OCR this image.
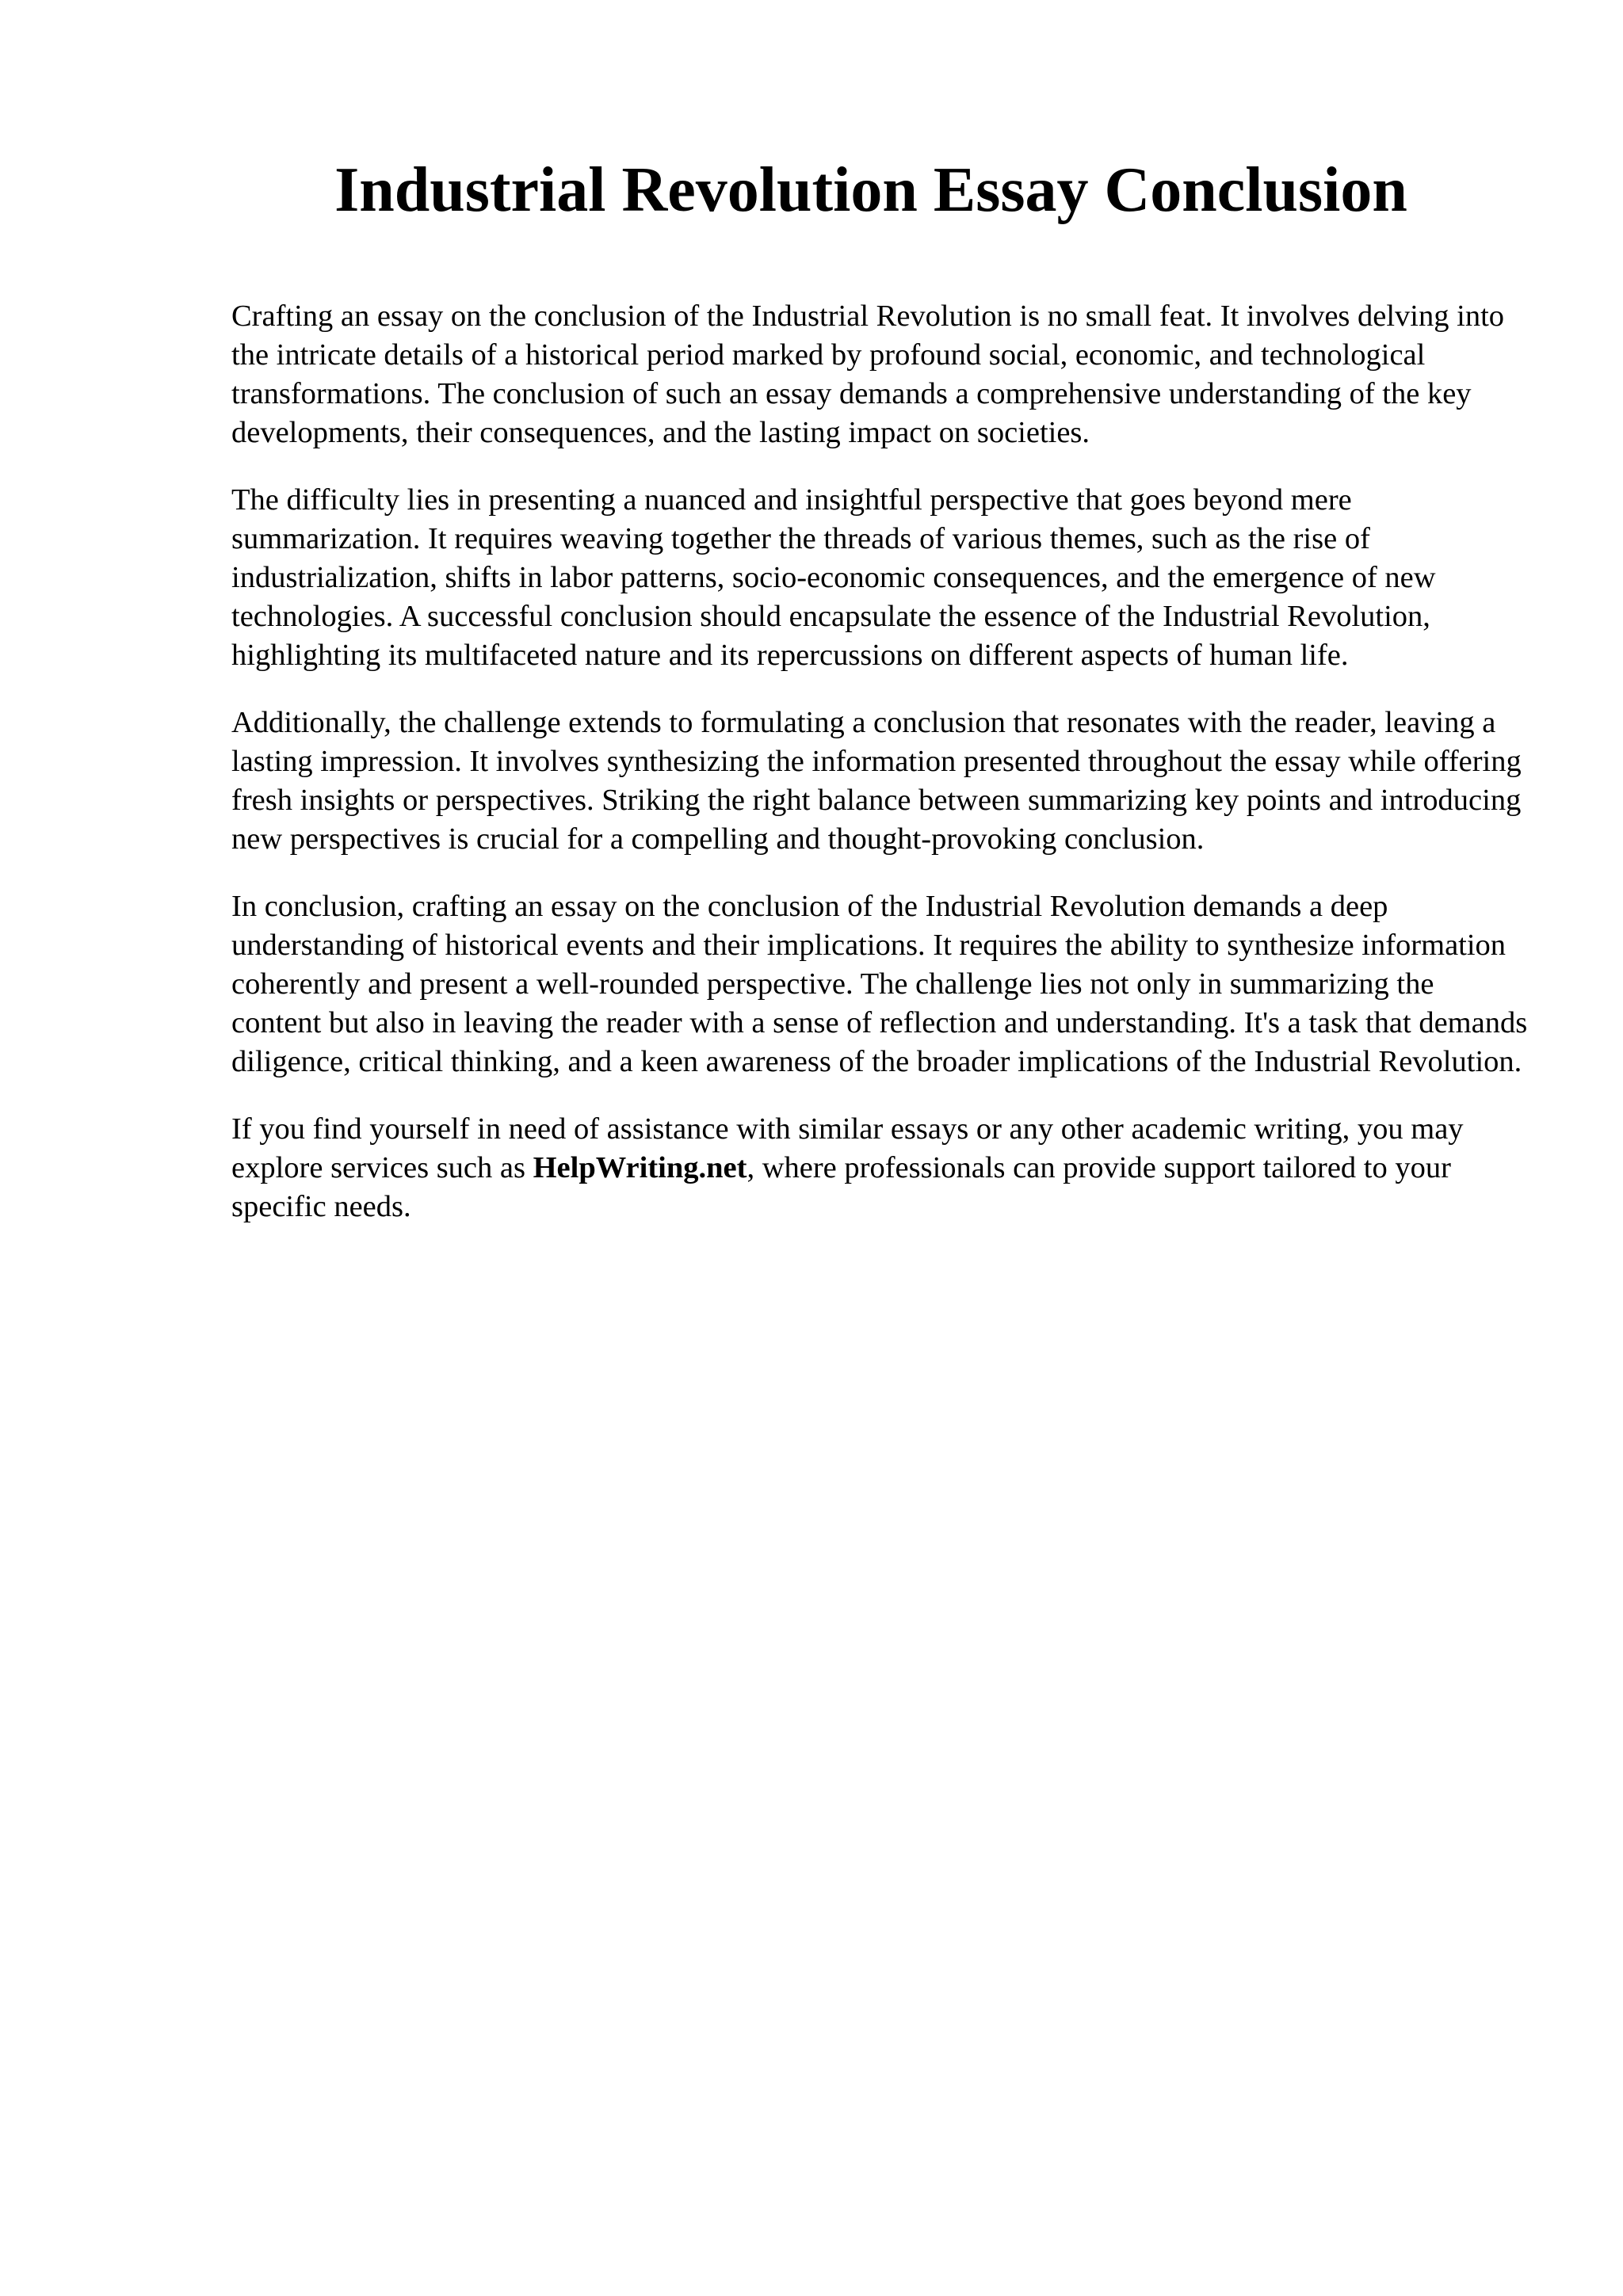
Industrial Revolution Essay Conclusion

Crafting an essay on the conclusion of the Industrial Revolution is no small feat. It involves delving into the intricate details of a historical period marked by profound social, economic, and technological transformations. The conclusion of such an essay demands a comprehensive understanding of the key developments, their consequences, and the lasting impact on societies.

The difficulty lies in presenting a nuanced and insightful perspective that goes beyond mere summarization. It requires weaving together the threads of various themes, such as the rise of industrialization, shifts in labor patterns, socio-economic consequences, and the emergence of new technologies. A successful conclusion should encapsulate the essence of the Industrial Revolution, highlighting its multifaceted nature and its repercussions on different aspects of human life.

Additionally, the challenge extends to formulating a conclusion that resonates with the reader, leaving a lasting impression. It involves synthesizing the information presented throughout the essay while offering fresh insights or perspectives. Striking the right balance between summarizing key points and introducing new perspectives is crucial for a compelling and thought-provoking conclusion.

In conclusion, crafting an essay on the conclusion of the Industrial Revolution demands a deep understanding of historical events and their implications. It requires the ability to synthesize information coherently and present a well-rounded perspective. The challenge lies not only in summarizing the content but also in leaving the reader with a sense of reflection and understanding. It's a task that demands diligence, critical thinking, and a keen awareness of the broader implications of the Industrial Revolution.

If you find yourself in need of assistance with similar essays or any other academic writing, you may explore services such as HelpWriting.net, where professionals can provide support tailored to your specific needs.
